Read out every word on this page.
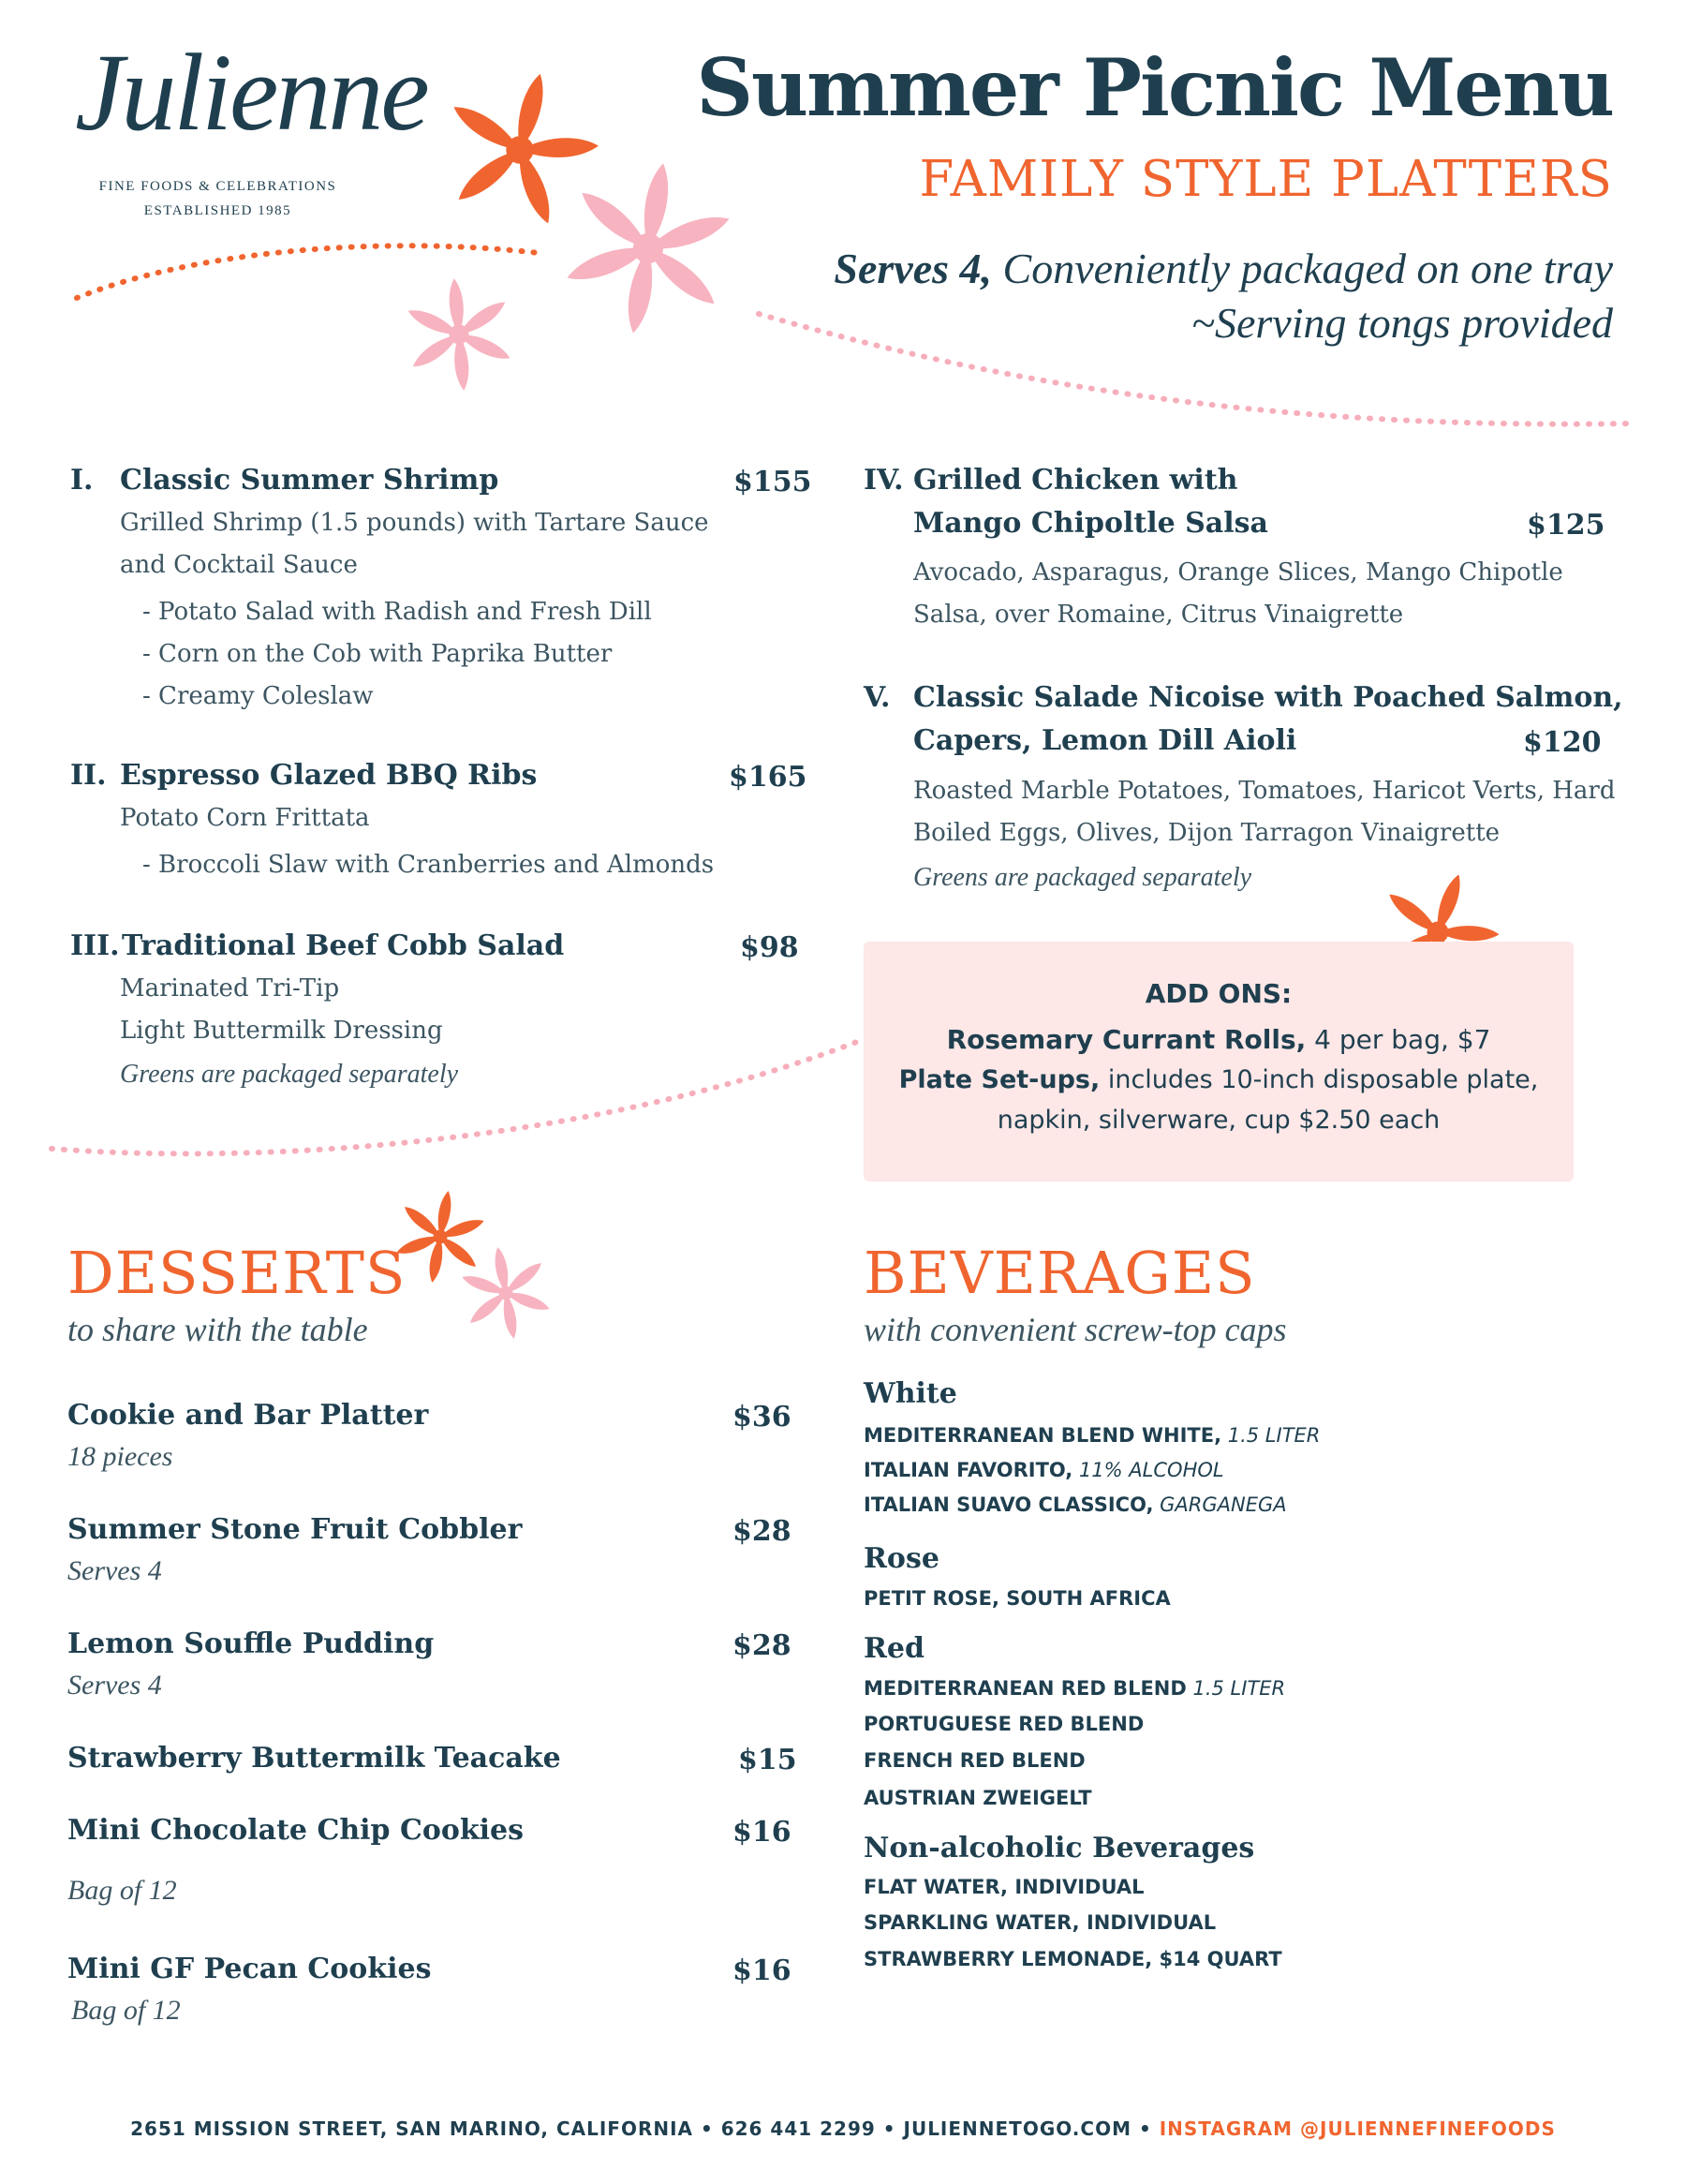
Julienne
FINE FOODS & CELEBRATIONS
ESTABLISHED 1985
Summer Picnic Menu
FAMILY STYLE PLATTERS
Serves 4, Conveniently packaged on one tray
~Serving tongs provided
I. Classic Summer Shrimp	$155
Grilled Shrimp (1.5 pounds) with Tartare Sauce
and Cocktail Sauce
- Potato Salad with Radish and Fresh Dill
- Corn on the Cob with Paprika Butter
- Creamy Coleslaw
II. Espresso Glazed BBQ Ribs	$165
Potato Corn Frittata
- Broccoli Slaw with Cranberries and Almonds
III. Traditional Beef Cobb Salad	$98
Marinated Tri-Tip
Light Buttermilk Dressing
Greens are packaged separately
IV. Grilled Chicken with
Mango Chipoltle Salsa	$125
Avocado, Asparagus, Orange Slices, Mango Chipotle
Salsa, over Romaine, Citrus Vinaigrette
V. Classic Salade Nicoise with Poached Salmon,
Capers, Lemon Dill Aioli	$120
Roasted Marble Potatoes, Tomatoes, Haricot Verts, Hard
Boiled Eggs, Olives, Dijon Tarragon Vinaigrette
Greens are packaged separately
ADD ONS:
Rosemary Currant Rolls, 4 per bag, $7
Plate Set-ups, includes 10-inch disposable plate,
napkin, silverware, cup $2.50 each
DESSERTS
to share with the table
Cookie and Bar Platter	$36
18 pieces
Summer Stone Fruit Cobbler	$28
Serves 4
Lemon Souffle Pudding	$28
Serves 4
Strawberry Buttermilk Teacake	$15
Mini Chocolate Chip Cookies	$16
Bag of 12
Mini GF Pecan Cookies	$16
Bag of 12
BEVERAGES
with convenient screw-top caps
White
MEDITERRANEAN BLEND WHITE, 1.5 LITER
ITALIAN FAVORITO, 11% ALCOHOL
ITALIAN SUAVO CLASSICO, GARGANEGA
Rose
PETIT ROSE, SOUTH AFRICA
Red
MEDITERRANEAN RED BLEND 1.5 LITER
PORTUGUESE RED BLEND
FRENCH RED BLEND
AUSTRIAN ZWEIGELT
Non-alcoholic Beverages
FLAT WATER, INDIVIDUAL
SPARKLING WATER, INDIVIDUAL
STRAWBERRY LEMONADE, $14 QUART
2651 MISSION STREET, SAN MARINO, CALIFORNIA • 626 441 2299 • JULIENNETOGO.COM • INSTAGRAM @JULIENNEFINEFOODS
